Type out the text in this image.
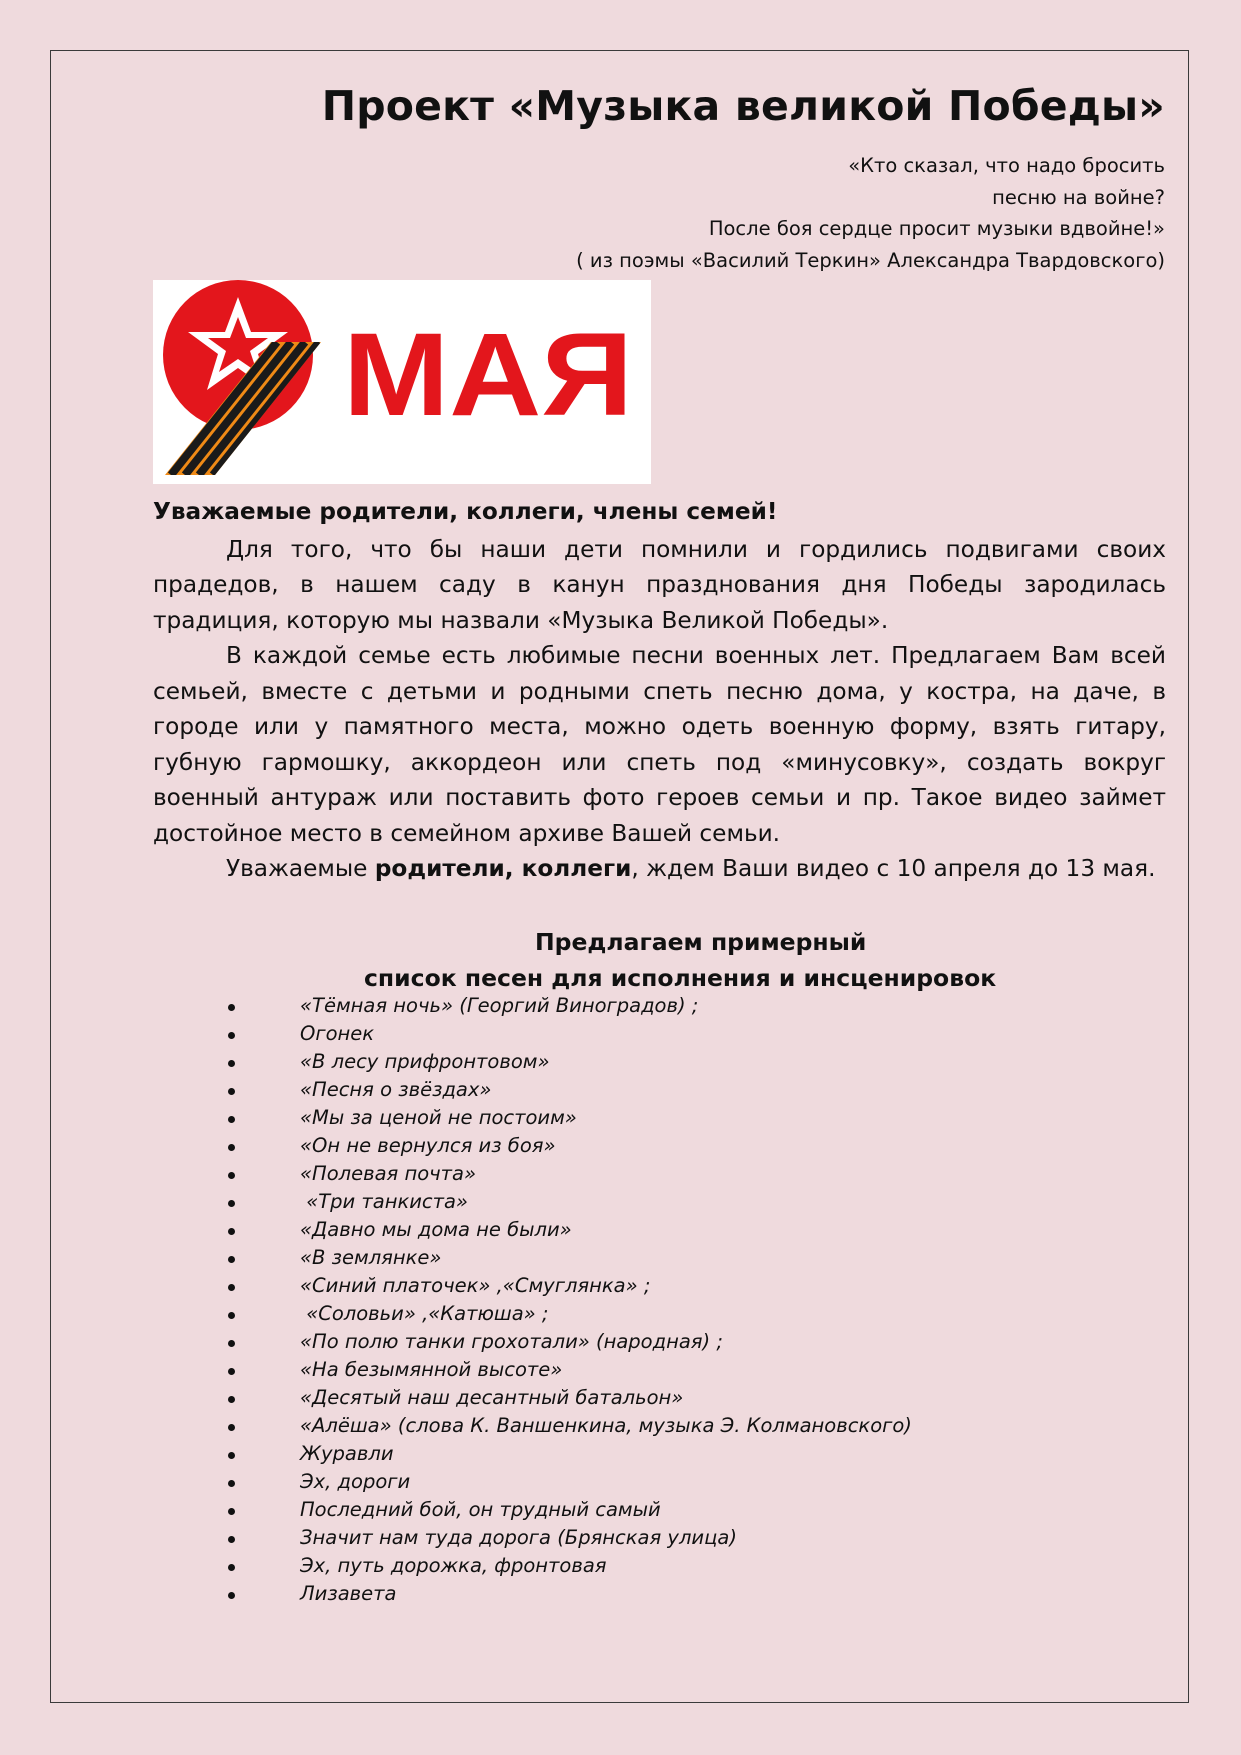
Проект «Музыка великой Победы»
«Кто сказал, что надо бросить
песню на войне?
После боя сердце просит музыки вдвойне!»
( из поэмы «Василий Теркин» Александра Твардовского)
МАЯ

Уважаемые родители, коллеги, члены семей!

Для того, что бы наши дети помнили и гордились подвигами своих прадедов, в нашем саду в канун празднования дня Победы зародилась традиция, которую мы назвали «Музыка Великой Победы».

В каждой семье есть любимые песни военных лет. Предлагаем Вам всей семьей, вместе с детьми и родными спеть песню дома, у костра, на даче, в городе или у памятного места, можно одеть военную форму, взять гитару, губную гармошку, аккордеон или спеть под «минусовку», создать вокруг военный антураж или поставить фото героев семьи и пр. Такое видео займет достойное место в семейном архиве Вашей семьи.

Уважаемые родители, коллеги, ждем Ваши видео с 10 апреля до 13 мая.

Предлагаем примерный
список песен для исполнения и инсценировок
«Тёмная ночь» (Георгий Виноградов) ;
Огонек
«В лесу прифронтовом»
«Песня о звёздах»
«Мы за ценой не постоим»
«Он не вернулся из боя»
«Полевая почта»
«Три танкиста»
«Давно мы дома не были»
«В землянке»
«Синий платочек» ,«Смуглянка» ;
«Соловьи» ,«Катюша» ;
«По полю танки грохотали» (народная) ;
«На безымянной высоте»
«Десятый наш десантный батальон»
«Алёша» (слова К. Ваншенкина, музыка Э. Колмановского)
Журавли
Эх, дороги
Последний бой, он трудный самый
Значит нам туда дорога (Брянская улица)
Эх, путь дорожка, фронтовая
Лизавета
